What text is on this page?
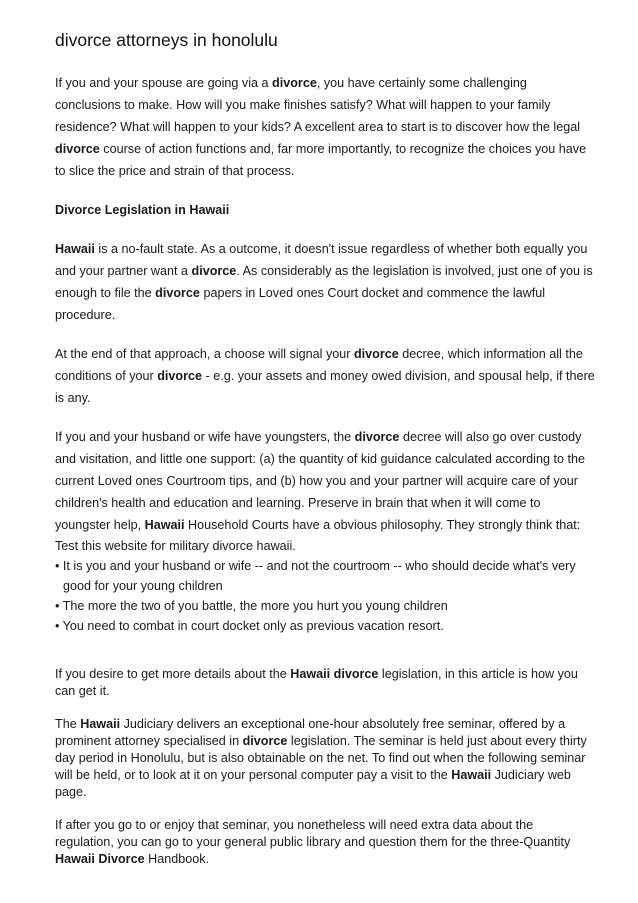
divorce attorneys in honolulu

If you and your spouse are going via a divorce, you have certainly some challenging conclusions to make. How will you make finishes satisfy? What will happen to your family residence? What will happen to your kids? A excellent area to start is to discover how the legal divorce course of action functions and, far more importantly, to recognize the choices you have to slice the price and strain of that process.

Divorce Legislation in Hawaii

Hawaii is a no-fault state. As a outcome, it doesn't issue regardless of whether both equally you and your partner want a divorce. As considerably as the legislation is involved, just one of you is enough to file the divorce papers in Loved ones Court docket and commence the lawful procedure.

At the end of that approach, a choose will signal your divorce decree, which information all the conditions of your divorce - e.g. your assets and money owed division, and spousal help, if there is any.

If you and your husband or wife have youngsters, the divorce decree will also go over custody and visitation, and little one support: (a) the quantity of kid guidance calculated according to the current Loved ones Courtroom tips, and (b) how you and your partner will acquire care of your children's health and education and learning. Preserve in brain that when it will come to youngster help, Hawaii Household Courts have a obvious philosophy. They strongly think that:

Test this website for military divorce hawaii.

• It is you and your husband or wife -- and not the courtroom -- who should decide what's very good for your young children

• The more the two of you battle, the more you hurt you young children

• You need to combat in court docket only as previous vacation resort.

If you desire to get more details about the Hawaii divorce legislation, in this article is how you can get it.

The Hawaii Judiciary delivers an exceptional one-hour absolutely free seminar, offered by a prominent attorney specialised in divorce legislation. The seminar is held just about every thirty day period in Honolulu, but is also obtainable on the net. To find out when the following seminar will be held, or to look at it on your personal computer pay a visit to the Hawaii Judiciary web page.

If after you go to or enjoy that seminar, you nonetheless will need extra data about the regulation, you can go to your general public library and question them for the three-Quantity Hawaii Divorce Handbook.
